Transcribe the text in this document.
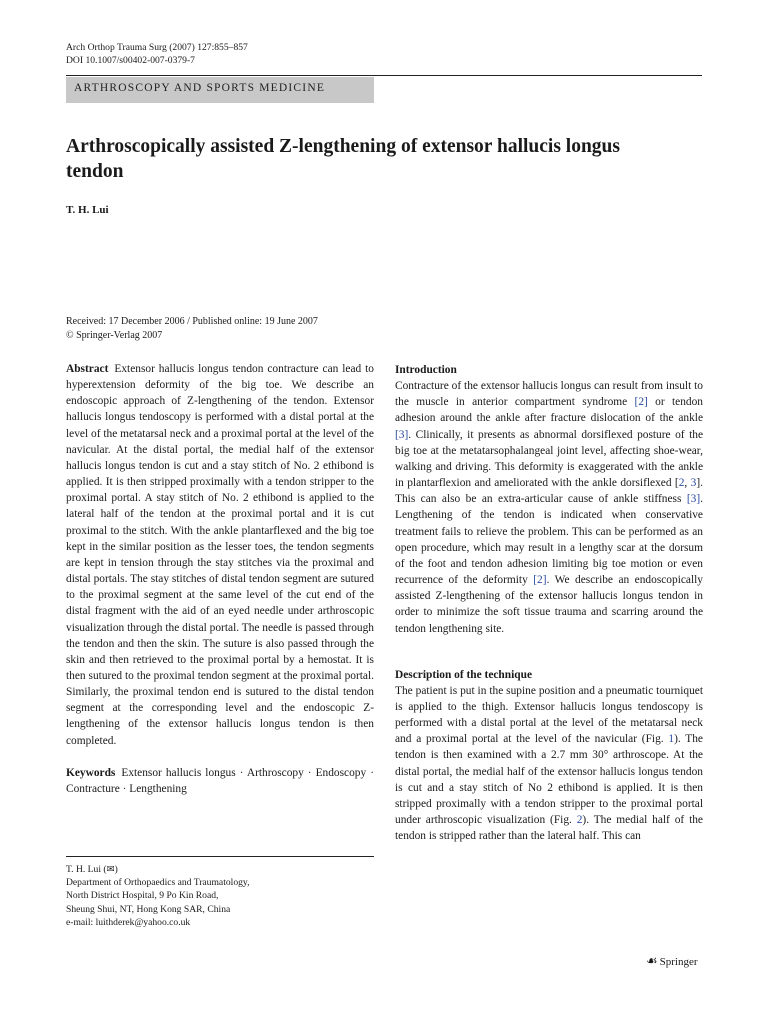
Arch Orthop Trauma Surg (2007) 127:855–857
DOI 10.1007/s00402-007-0379-7
ARTHROSCOPY AND SPORTS MEDICINE
Arthroscopically assisted Z-lengthening of extensor hallucis longus tendon
T. H. Lui
Received: 17 December 2006 / Published online: 19 June 2007
© Springer-Verlag 2007

Abstract Extensor hallucis longus tendon contracture can lead to hyperextension deformity of the big toe. We describe an endoscopic approach of Z-lengthening of the tendon. Extensor hallucis longus tendoscopy is performed with a distal portal at the level of the metatarsal neck and a proximal portal at the level of the navicular. At the distal portal, the medial half of the extensor hallucis longus tendon is cut and a stay stitch of No. 2 ethibond is applied. It is then stripped proximally with a tendon stripper to the proximal portal. A stay stitch of No. 2 ethibond is applied to the lateral half of the tendon at the proximal portal and it is cut proximal to the stitch. With the ankle plantarflexed and the big toe kept in the similar position as the lesser toes, the tendon segments are kept in tension through the stay stitches via the proximal and distal portals. The stay stitches of distal tendon segment are sutured to the proximal segment at the same level of the cut end of the distal fragment with the aid of an eyed needle under arthroscopic visualization through the distal portal. The needle is passed through the tendon and then the skin. The suture is also passed through the skin and then retrieved to the proximal portal by a hemostat. It is then sutured to the proximal tendon segment at the proximal portal. Similarly, the proximal tendon end is sutured to the distal tendon segment at the corresponding level and the endoscopic Z-lengthening of the extensor hallucis longus tendon is then completed.

Keywords Extensor hallucis longus · Arthroscopy · Endoscopy · Contracture · Lengthening

T. H. Lui (✉)
Department of Orthopaedics and Traumatology,
North District Hospital, 9 Po Kin Road,
Sheung Shui, NT, Hong Kong SAR, China
e-mail: luithderek@yahoo.co.uk

Introduction

Contracture of the extensor hallucis longus can result from insult to the muscle in anterior compartment syndrome [2] or tendon adhesion around the ankle after fracture dislocation of the ankle [3]. Clinically, it presents as abnormal dorsiflexed posture of the big toe at the metatarsophalangeal joint level, affecting shoe-wear, walking and driving. This deformity is exaggerated with the ankle in plantarflexion and ameliorated with the ankle dorsiflexed [2, 3]. This can also be an extra-articular cause of ankle stiffness [3]. Lengthening of the tendon is indicated when conservative treatment fails to relieve the problem. This can be performed as an open procedure, which may result in a lengthy scar at the dorsum of the foot and tendon adhesion limiting big toe motion or even recurrence of the deformity [2]. We describe an endoscopically assisted Z-lengthening of the extensor hallucis longus tendon in order to minimize the soft tissue trauma and scarring around the tendon lengthening site.

Description of the technique

The patient is put in the supine position and a pneumatic tourniquet is applied to the thigh. Extensor hallucis longus tendoscopy is performed with a distal portal at the level of the metatarsal neck and a proximal portal at the level of the navicular (Fig. 1). The tendon is then examined with a 2.7 mm 30° arthroscope. At the distal portal, the medial half of the extensor hallucis longus tendon is cut and a stay stitch of No 2 ethibond is applied. It is then stripped proximally with a tendon stripper to the proximal portal under arthroscopic visualization (Fig. 2). The medial half of the tendon is stripped rather than the lateral half. This can

☙ Springer
